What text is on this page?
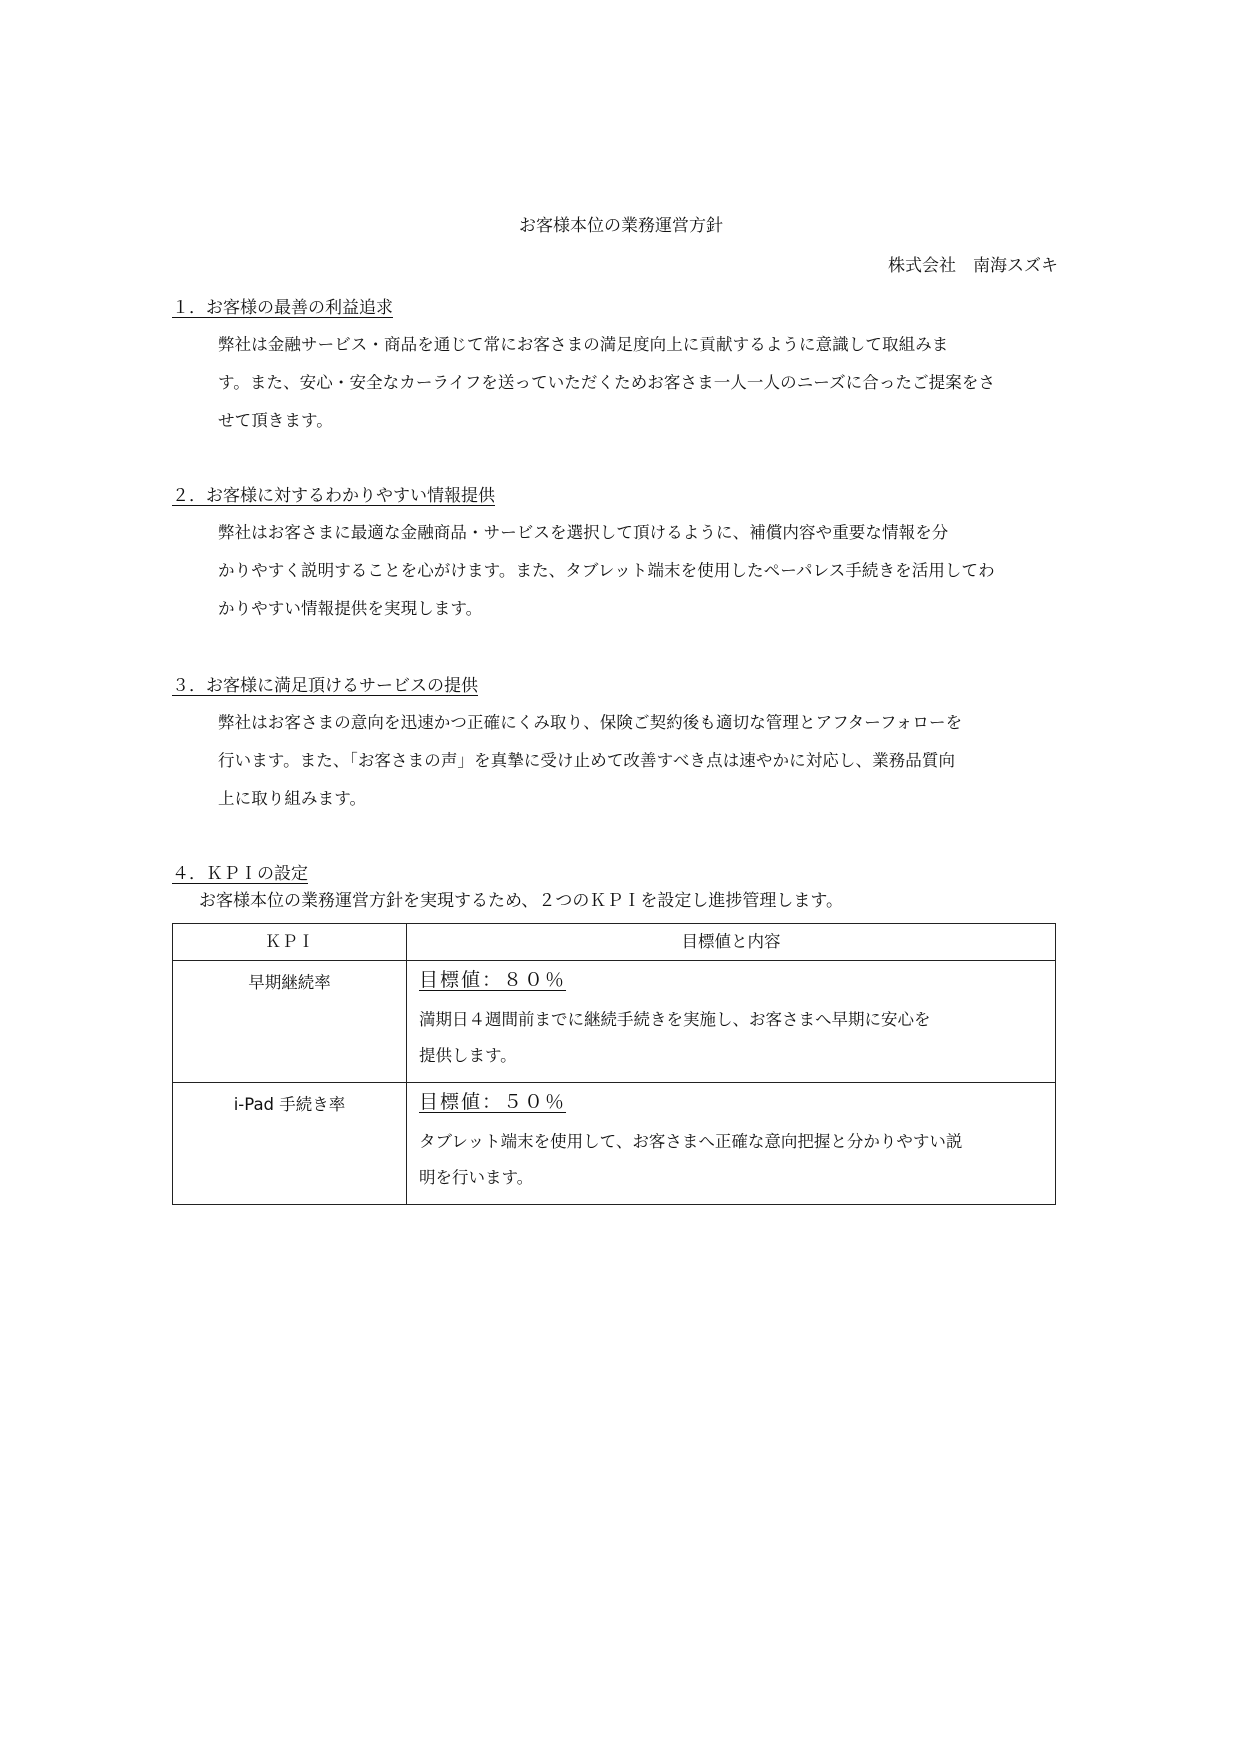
お客様本位の業務運営方針
株式会社　南海スズキ
１．お客様の最善の利益追求
弊社は金融サービス・商品を通じて常にお客さまの満足度向上に貢献するように意識して取組みま
す。また、安心・安全なカーライフを送っていただくためお客さま一人一人のニーズに合ったご提案をさ
せて頂きます。
２．お客様に対するわかりやすい情報提供
弊社はお客さまに最適な金融商品・サービスを選択して頂けるように、補償内容や重要な情報を分
かりやすく説明することを心がけます。また、タブレット端末を使用したペーパレス手続きを活用してわ
かりやすい情報提供を実現します。
３．お客様に満足頂けるサービスの提供
弊社はお客さまの意向を迅速かつ正確にくみ取り、保険ご契約後も適切な管理とアフターフォローを
行います。また、「お客さまの声」を真摯に受け止めて改善すべき点は速やかに対応し、業務品質向
上に取り組みます。
４．ＫＰＩの設定
お客様本位の業務運営方針を実現するため、２つのＫＰＩを設定し進捗管理します。
ＫＰＩ	目標値と内容
早期継続率	目標値：８０％
満期日４週間前までに継続手続きを実施し、お客さまへ早期に安心を
提供します。

i-Pad 手続き率	目標値：５０％
タブレット端末を使用して、お客さまへ正確な意向把握と分かりやすい説
明を行います。
